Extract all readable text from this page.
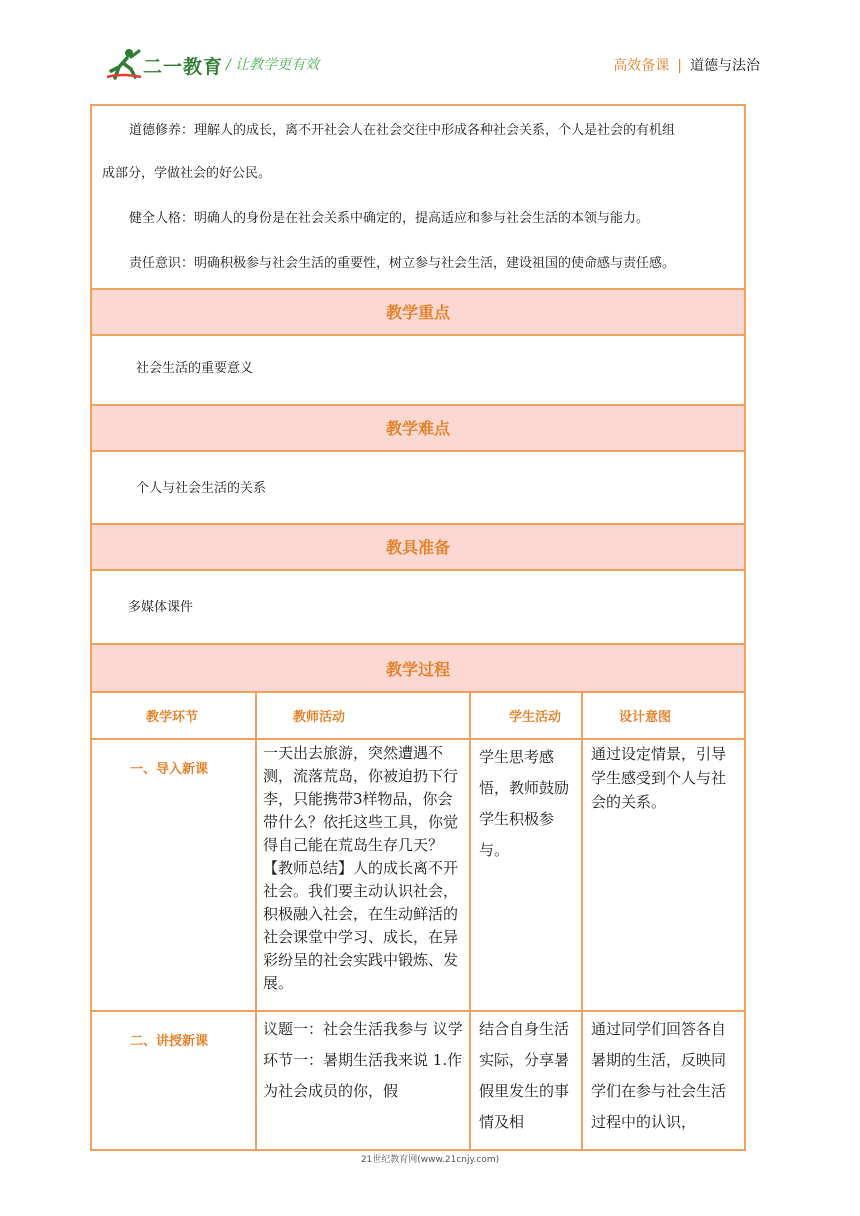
二一教育 / 让教学更有效	高效备课 | 道德与法治

道德修养：理解人的成长，离不开社会人在社会交往中形成各种社会关系，个人是社会的有机组

成部分，学做社会的好公民。

健全人格：明确人的身份是在社会关系中确定的，提高适应和参与社会生活的本领与能力。

责任意识：明确积极参与社会生活的重要性，树立参与社会生活，建设祖国的使命感与责任感。

教学重点
社会生活的重要意义
教学难点
个人与社会生活的关系
教具准备
多媒体课件
教学过程
教学环节	教师活动	学生活动	设计意图
一、导入新课	一天出去旅游，突然遭遇不测，流落荒岛，你被迫扔下行李，只能携带3样物品，你会带什么？依托这些工具，你觉得自己能在荒岛生存几天？【教师总结】人的成长离不开社会。我们要主动认识社会，积极融入社会，在生动鲜活的社会课堂中学习、成长，在异彩纷呈的社会实践中锻炼、发展。	学生思考感悟，教师鼓励学生积极参与。	通过设定情景，引导学生感受到个人与社会的关系。
二、讲授新课	议题一：社会生活我参与 议学环节一：暑期生活我来说 1.作为社会成员的你，假	结合自身生活实际，分享暑假里发生的事情及相	通过同学们回答各自暑期的生活，反映同学们在参与社会生活过程中的认识，
21世纪教育网(www.21cnjy.com)
